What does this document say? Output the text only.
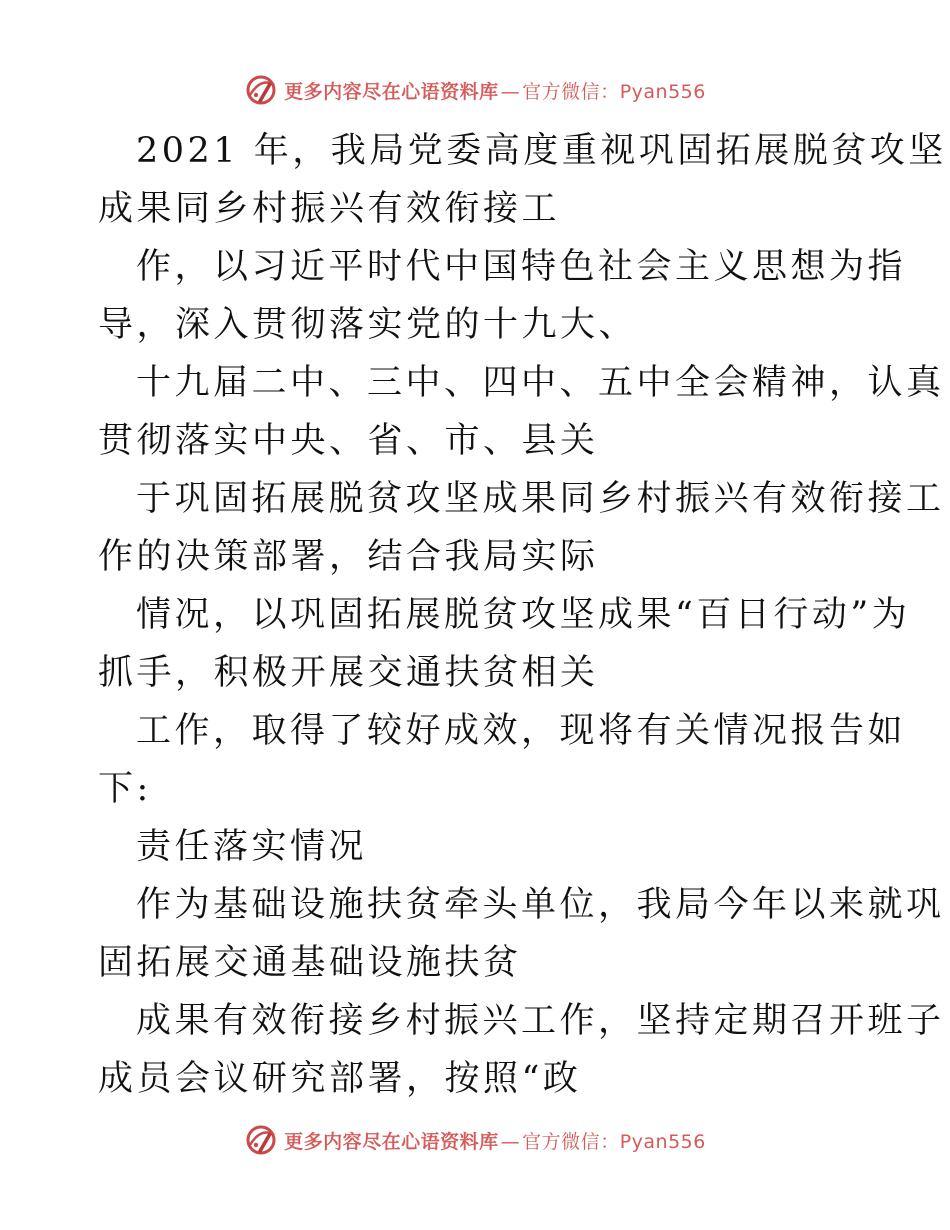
更多内容尽在心语资料库 — 官方微信：Pyan556

2021 年，我局党委高度重视巩固拓展脱贫攻坚
成果同乡村振兴有效衔接工

作，以习近平时代中国特色社会主义思想为指
导，深入贯彻落实党的十九大、

十九届二中、三中、四中、五中全会精神，认真
贯彻落实中央、省、市、县关

于巩固拓展脱贫攻坚成果同乡村振兴有效衔接工
作的决策部署，结合我局实际

情况，以巩固拓展脱贫攻坚成果“百日行动”为
抓手，积极开展交通扶贫相关

工作，取得了较好成效，现将有关情况报告如
下:

责任落实情况

作为基础设施扶贫牵头单位，我局今年以来就巩
固拓展交通基础设施扶贫

成果有效衔接乡村振兴工作，坚持定期召开班子
成员会议研究部署，按照“政

更多内容尽在心语资料库 — 官方微信：Pyan556
